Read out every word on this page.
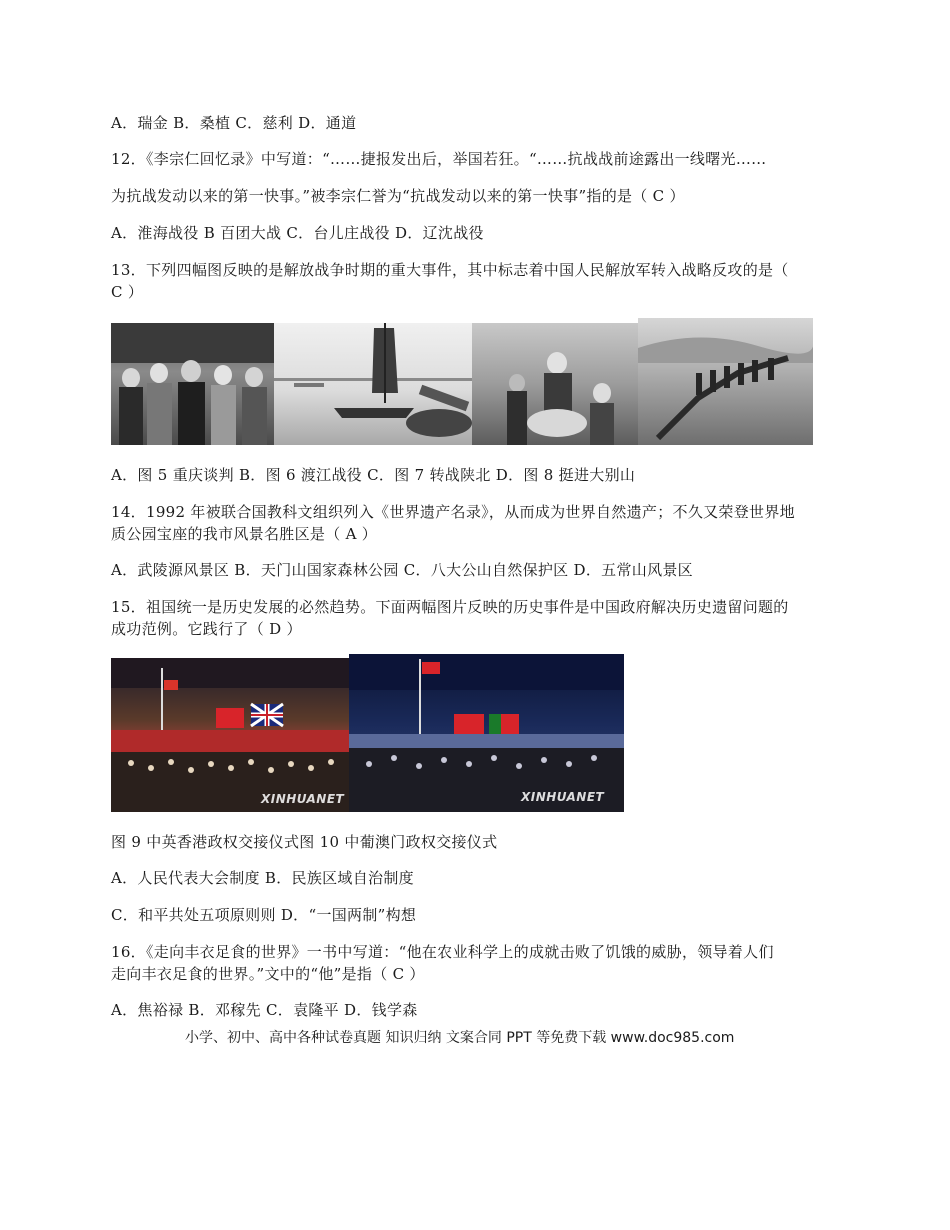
A．瑞金 B．桑植 C．慈利 D．通道
12．《李宗仁回忆录》中写道：“……捷报发出后，举国若狂。“……抗战战前途露出一线曙光……
为抗战发动以来的第一快事。”被李宗仁誉为“抗战发动以来的第一快事”指的是（ C ）
A．淮海战役 B 百团大战 C．台儿庄战役 D．辽沈战役
13．下列四幅图反映的是解放战争时期的重大事件，其中标志着中国人民解放军转入战略反攻的是（
C ）
A．图 5 重庆谈判 B．图 6 渡江战役 C．图 7 转战陕北 D．图 8 挺进大别山
14．1992 年被联合国教科文组织列入《世界遗产名录》，从而成为世界自然遗产；不久又荣登世界地
质公园宝座的我市风景名胜区是（ A ）
A．武陵源风景区 B．天门山国家森林公园 C．八大公山自然保护区 D．五常山风景区
15．祖国统一是历史发展的必然趋势。下面两幅图片反映的历史事件是中国政府解决历史遗留问题的
成功范例。它践行了（ D ）
XINHUANET	XINHUANET
图 9 中英香港政权交接仪式图 10 中葡澳门政权交接仪式
A．人民代表大会制度 B．民族区域自治制度
C．和平共处五项原则则 D．“一国两制”构想
16．《走向丰衣足食的世界》一书中写道：“他在农业科学上的成就击败了饥饿的威胁，领导着人们
走向丰衣足食的世界。”文中的“他”是指（ C ）
A．焦裕禄 B．邓稼先 C．袁隆平 D．钱学森
小学、初中、高中各种试卷真题 知识归纳 文案合同 PPT 等免费下载 www.doc985.com
